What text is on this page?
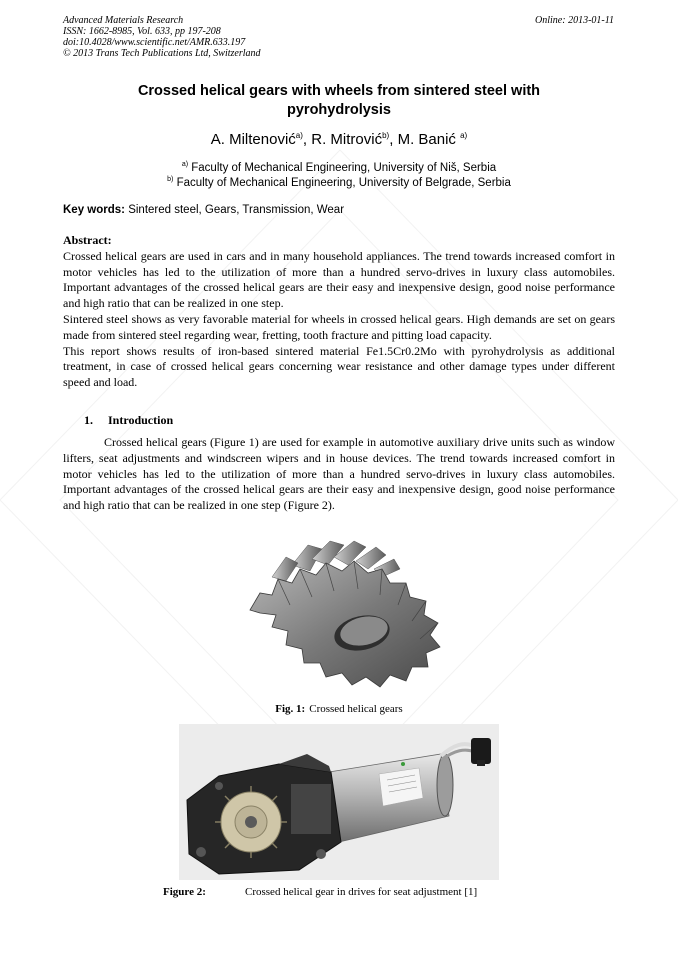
Advanced Materials Research
ISSN: 1662-8985, Vol. 633, pp 197-208
doi:10.4028/www.scientific.net/AMR.633.197
© 2013 Trans Tech Publications Ltd, Switzerland
Online: 2013-01-11
Crossed helical gears with wheels from sintered steel with
pyrohydrolysis
A. Miltenović$^{a)}$, R. Mitrović$^{b)}$, M. Banić $^{a)}$
$^{a)}$ Faculty of Mechanical Engineering, University of Niš, Serbia
$^{b)}$ Faculty of Mechanical Engineering, University of Belgrade, Serbia
Key words: Sintered steel, Gears, Transmission, Wear

Abstract:

Crossed helical gears are used in cars and in many household appliances. The trend towards increased comfort in motor vehicles has led to the utilization of more than a hundred servo-drives in luxury class automobiles. Important advantages of the crossed helical gears are their easy and inexpensive design, good noise performance and high ratio that can be realized in one step.

Sintered steel shows as very favorable material for wheels in crossed helical gears. High demands are set on gears made from sintered steel regarding wear, fretting, tooth fracture and pitting load capacity.

This report shows results of iron-based sintered material Fe1.5Cr0.2Mo with pyrohydrolysis as additional treatment, in case of crossed helical gears concerning wear resistance and other damage types under different speed and load.

1. Introduction

Crossed helical gears (Figure 1) are used for example in automotive auxiliary drive units such as window lifters, seat adjustments and windscreen wipers and in house devices. The trend towards increased comfort in motor vehicles has led to the utilization of more than a hundred servo-drives in luxury class automobiles. Important advantages of the crossed helical gears are their easy and inexpensive design, good noise performance and high ratio that can be realized in one step (Figure 2).

Fig. 1: Crossed helical gears
Figure 2:	Crossed helical gear in drives for seat adjustment [1]
